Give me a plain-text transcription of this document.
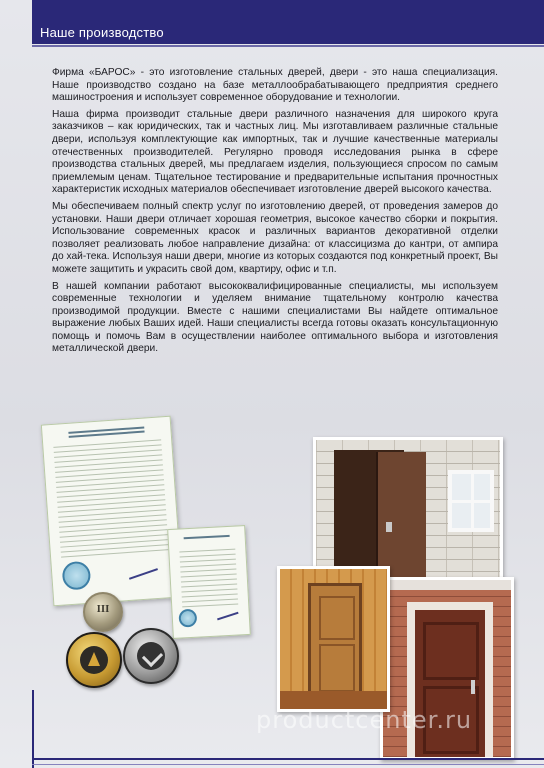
Наше производство

Фирма «БАРОС» - это изготовление стальных дверей, двери - это наша специализация. Наше производство создано на базе металлообрабатывающего предприятия среднего машиностроения и использует современное оборудование и технологии.

Наша фирма производит стальные двери различного назначения для широкого круга заказчиков – как юридических, так и частных лиц. Мы изготавливаем различные стальные двери, используя комплектующие как импортных, так и лучшие качественные материалы отечественных производителей. Регулярно проводя исследования рынка в сфере производства стальных дверей, мы предлагаем изделия, пользующиеся спросом по самым приемлемым ценам. Тщательное тестирование и предварительные испытания прочностных характеристик исходных материалов обеспечивает изготовление дверей высокого качества.

Мы обеспечиваем полный спектр услуг по изготовлению дверей, от проведения замеров до установки. Наши двери отличает хорошая геометрия, высокое качество сборки и покрытия. Использование современных красок и различных вариантов декоративной отделки позволяет реализовать любое направление дизайна: от классицизма до кантри, от ампира до хай-тека. Используя наши двери, многие из которых создаются под конкретный проект, Вы можете защитить и украсить свой дом, квартиру, офис и т.п.

В нашей компании работают высококвалифицированные специалисты, мы используем современные технологии и уделяем внимание тщательному контролю качества производимой продукции. Вместе с нашими специалистами Вы найдете оптимальное выражение любых Ваших идей. Наши специалисты всегда готовы оказать консультационную помощь и помочь Вам в осуществлении наиболее оптимального выбора и изготовления металлической двери.

III
productcenter.ru
